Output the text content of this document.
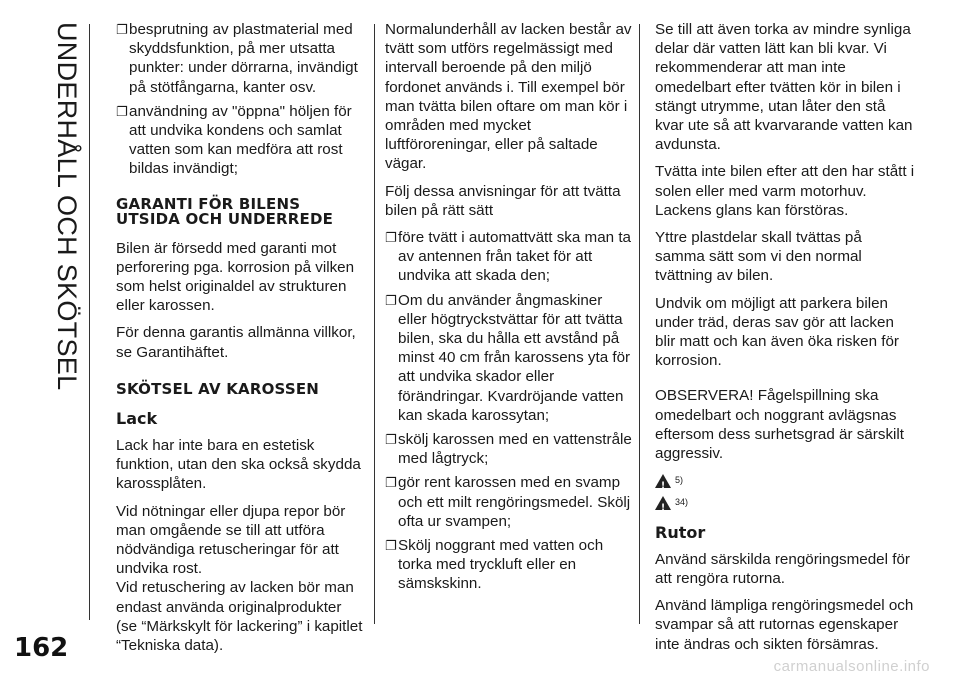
UNDERHÅLL OCH SKÖTSEL
162
❐ besprutning av plastmaterial med skyddsfunktion, på mer utsatta punkter: under dörrarna, invändigt på stötfångarna, kanter osv.
❐ användning av "öppna" höljen för att undvika kondens och samlat vatten som kan medföra att rost bildas invändigt;
GARANTI FÖR BILENS UTSIDA OCH UNDERREDE

Bilen är försedd med garanti mot perforering pga. korrosion på vilken som helst originaldel av strukturen eller karossen.

För denna garantis allmänna villkor, se Garantihäftet.

SKÖTSEL AV KAROSSEN
Lack

Lack har inte bara en estetisk funktion, utan den ska också skydda karossplåten.

Vid nötningar eller djupa repor bör man omgående se till att utföra nödvändiga retuscheringar för att undvika rost.

Vid retuschering av lacken bör man endast använda originalprodukter (se “Märkskylt för lackering” i kapitlet “Tekniska data).

Normalunderhåll av lacken består av tvätt som utförs regelmässigt med intervall beroende på den miljö fordonet används i. Till exempel bör man tvätta bilen oftare om man kör i områden med mycket luftföroreningar, eller på saltade vägar.

Följ dessa anvisningar för att tvätta bilen på rätt sätt

❐ före tvätt i automattvätt ska man ta av antennen från taket för att undvika att skada den;
❐ Om du använder ångmaskiner eller högtryckstvättar för att tvätta bilen, ska du hålla ett avstånd på minst 40 cm från karossens yta för att undvika skador eller förändringar. Kvardröjande vatten kan skada karossytan;
❐ skölj karossen med en vattenstråle med lågtryck;
❐ gör rent karossen med en svamp och ett milt rengöringsmedel. Skölj ofta ur svampen;
❐ Skölj noggrant med vatten och torka med tryckluft eller en sämskskinn.

Se till att även torka av mindre synliga delar där vatten lätt kan bli kvar. Vi rekommenderar att man inte omedelbart efter tvätten kör in bilen i stängt utrymme, utan låter den stå kvar ute så att kvarvarande vatten kan avdunsta.

Tvätta inte bilen efter att den har stått i solen eller med varm motorhuv. Lackens glans kan förstöras.

Yttre plastdelar skall tvättas på samma sätt som vi den normal tvättning av bilen.

Undvik om möjligt att parkera bilen under träd, deras sav gör att lacken blir matt och kan även öka risken för korrosion.

OBSERVERA! Fågelspillning ska omedelbart och noggrant avlägsnas eftersom dess surhetsgrad är särskilt aggressiv.

!
5)
!
34)
Rutor

Använd särskilda rengöringsmedel för att rengöra rutorna.

Använd lämpliga rengöringsmedel och svampar så att rutornas egenskaper inte ändras och sikten försämras.

carmanualsonline.info
